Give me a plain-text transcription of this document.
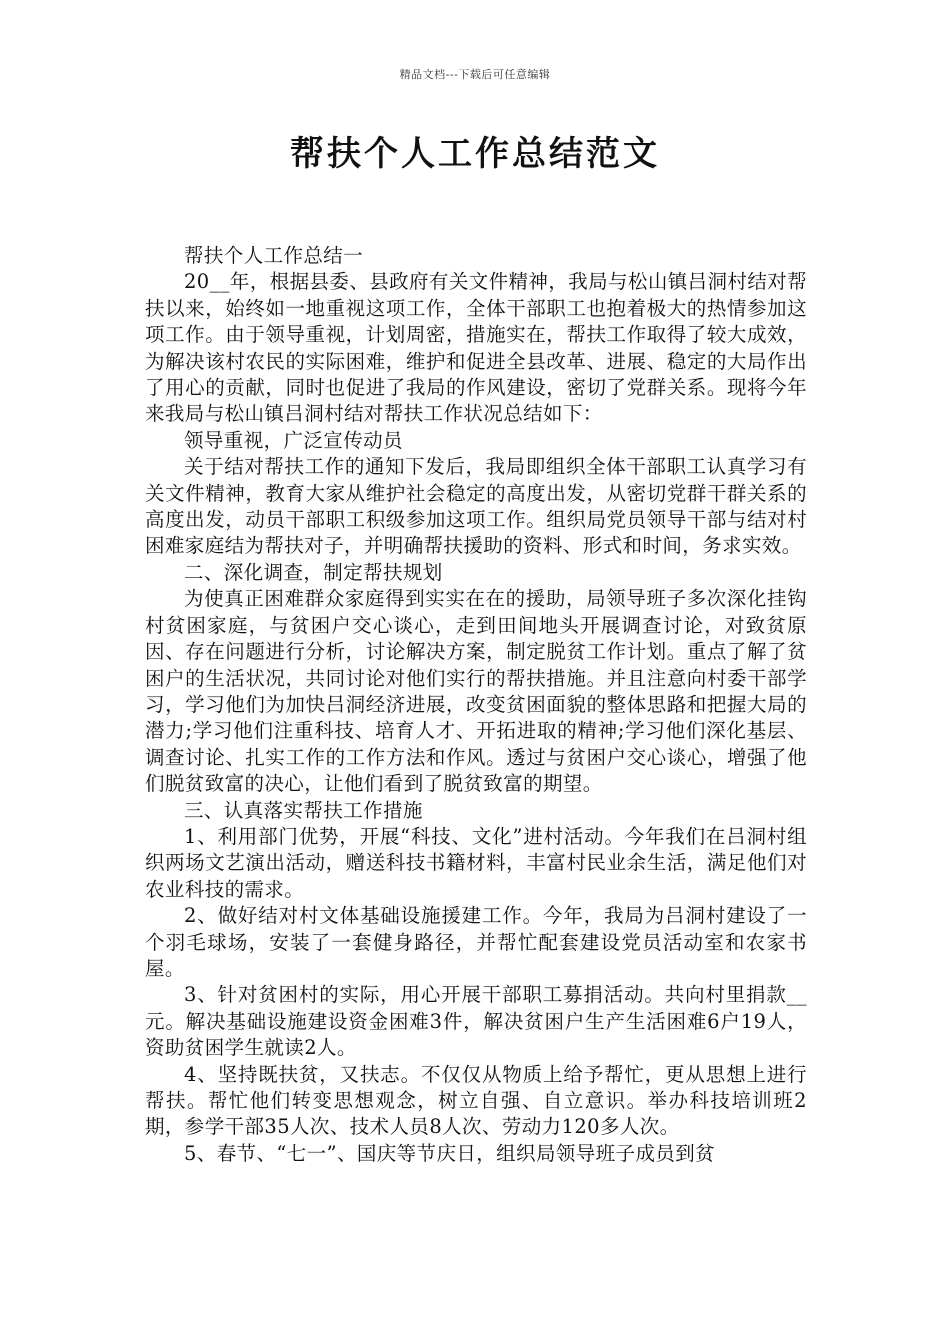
精品文档---下载后可任意编辑
帮扶个人工作总结范文

帮扶个人工作总结一

20__年，根据县委、县政府有关文件精神，我局与松山镇吕洞村结对帮扶以来，始终如一地重视这项工作，全体干部职工也抱着极大的热情参加这项工作。由于领导重视，计划周密，措施实在，帮扶工作取得了较大成效，为解决该村农民的实际困难，维护和促进全县改革、进展、稳定的大局作出了用心的贡献，同时也促进了我局的作风建设，密切了党群关系。现将今年来我局与松山镇吕洞村结对帮扶工作状况总结如下：

领导重视，广泛宣传动员

关于结对帮扶工作的通知下发后，我局即组织全体干部职工认真学习有关文件精神，教育大家从维护社会稳定的高度出发，从密切党群干群关系的高度出发，动员干部职工积级参加这项工作。组织局党员领导干部与结对村困难家庭结为帮扶对子，并明确帮扶援助的资料、形式和时间，务求实效。

二、深化调查，制定帮扶规划

为使真正困难群众家庭得到实实在在的援助，局领导班子多次深化挂钩村贫困家庭，与贫困户交心谈心，走到田间地头开展调查讨论，对致贫原因、存在问题进行分析，讨论解决方案，制定脱贫工作计划。重点了解了贫困户的生活状况，共同讨论对他们实行的帮扶措施。并且注意向村委干部学习，学习他们为加快吕洞经济进展，改变贫困面貌的整体思路和把握大局的潜力;学习他们注重科技、培育人才、开拓进取的精神;学习他们深化基层、调查讨论、扎实工作的工作方法和作风。透过与贫困户交心谈心，增强了他们脱贫致富的决心，让他们看到了脱贫致富的期望。

三、认真落实帮扶工作措施

1、利用部门优势，开展“科技、文化”进村活动。今年我们在吕洞村组织两场文艺演出活动，赠送科技书籍材料，丰富村民业余生活，满足他们对农业科技的需求。

2、做好结对村文体基础设施援建工作。今年，我局为吕洞村建设了一个羽毛球场，安装了一套健身路径，并帮忙配套建设党员活动室和农家书屋。

3、针对贫困村的实际，用心开展干部职工募捐活动。共向村里捐款__元。解决基础设施建设资金困难3件，解决贫困户生产生活困难6户19人，资助贫困学生就读2人。

4、坚持既扶贫，又扶志。不仅仅从物质上给予帮忙，更从思想上进行帮扶。帮忙他们转变思想观念，树立自强、自立意识。举办科技培训班2期，参学干部35人次、技术人员8人次、劳动力120多人次。

5、春节、“七一”、国庆等节庆日，组织局领导班子成员到贫
